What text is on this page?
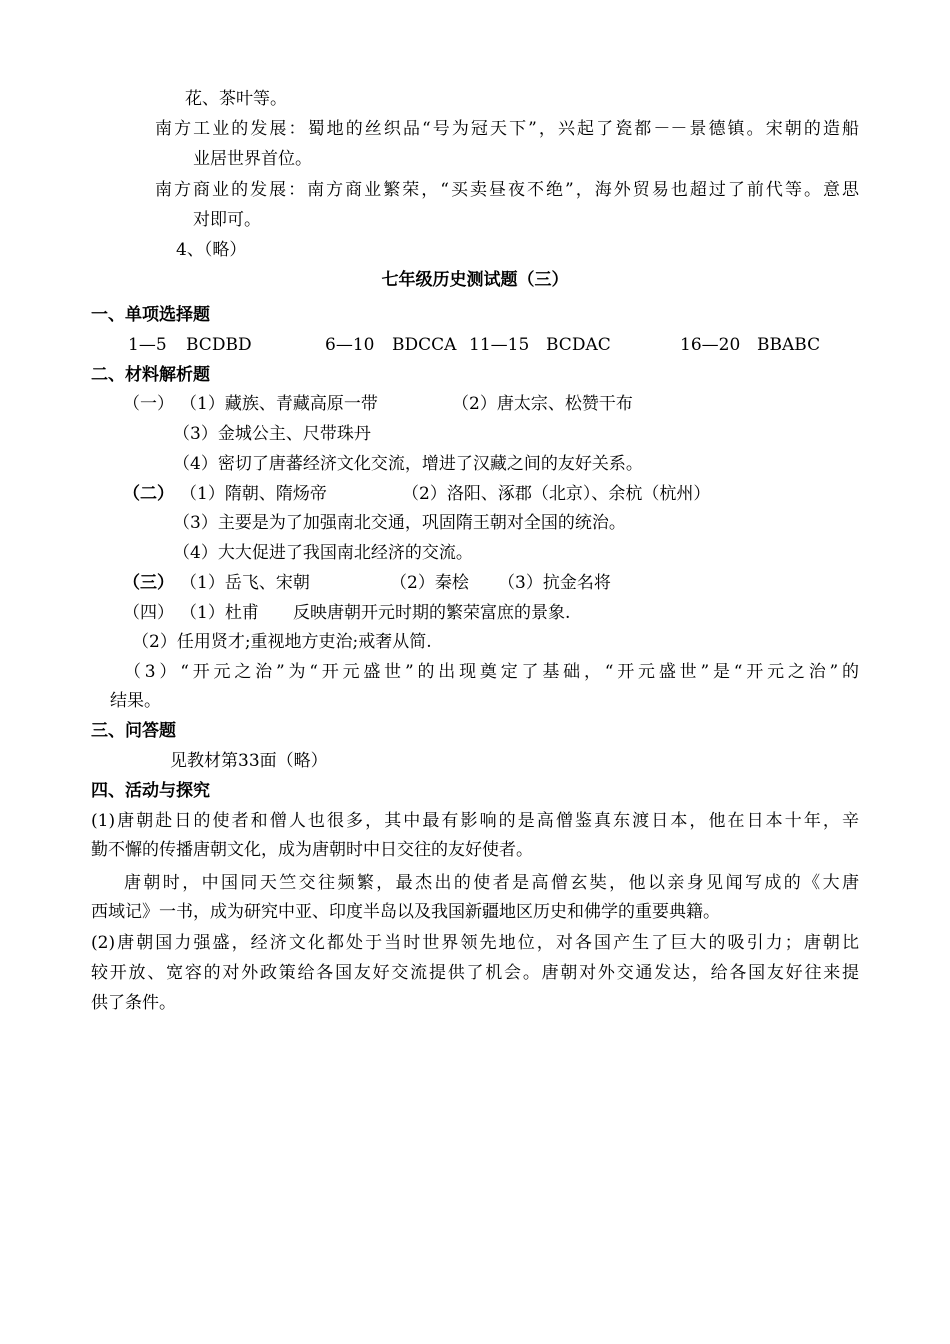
花、茶叶等。
南方工业的发展：蜀地的丝织品“号为冠天下”，兴起了瓷都－－景德镇。宋朝的造船
业居世界首位。
南方商业的发展：南方商业繁荣，“买卖昼夜不绝”，海外贸易也超过了前代等。意思
对即可。
4、（略）
七年级历史测试题（三）
一、单项选择题
1—5 BCDBD	6—10 BDCCA 11—15 BCDAC	16—20 BBABC
二、材料解析题
（一） （1）藏族、青藏高原一带	（2）唐太宗、松赞干布
（3）金城公主、尺带珠丹
（4）密切了唐蕃经济文化交流，增进了汉藏之间的友好关系。
（二） （1）隋朝、隋炀帝	（2）洛阳、涿郡（北京）、余杭（杭州）
（3）主要是为了加强南北交通，巩固隋王朝对全国的统治。
（4）大大促进了我国南北经济的交流。
（三） （1）岳飞、宋朝	（2）秦桧 （3）抗金名将
（四） （1）杜甫 反映唐朝开元时期的繁荣富庶的景象.
（2）任用贤才;重视地方吏治;戒奢从简.
（3）“开元之治”为“开元盛世”的出现奠定了基础，“开元盛世”是“开元之治”的
结果。
三、问答题
见教材第33面（略）
四、活动与探究
(1)唐朝赴日的使者和僧人也很多，其中最有影响的是高僧鉴真东渡日本，他在日本十年，辛
勤不懈的传播唐朝文化，成为唐朝时中日交往的友好使者。
唐朝时，中国同天竺交往频繁，最杰出的使者是高僧玄奘，他以亲身见闻写成的《大唐
西域记》一书，成为研究中亚、印度半岛以及我国新疆地区历史和佛学的重要典籍。
(2)唐朝国力强盛，经济文化都处于当时世界领先地位，对各国产生了巨大的吸引力；唐朝比
较开放、宽容的对外政策给各国友好交流提供了机会。唐朝对外交通发达，给各国友好往来提
供了条件。
